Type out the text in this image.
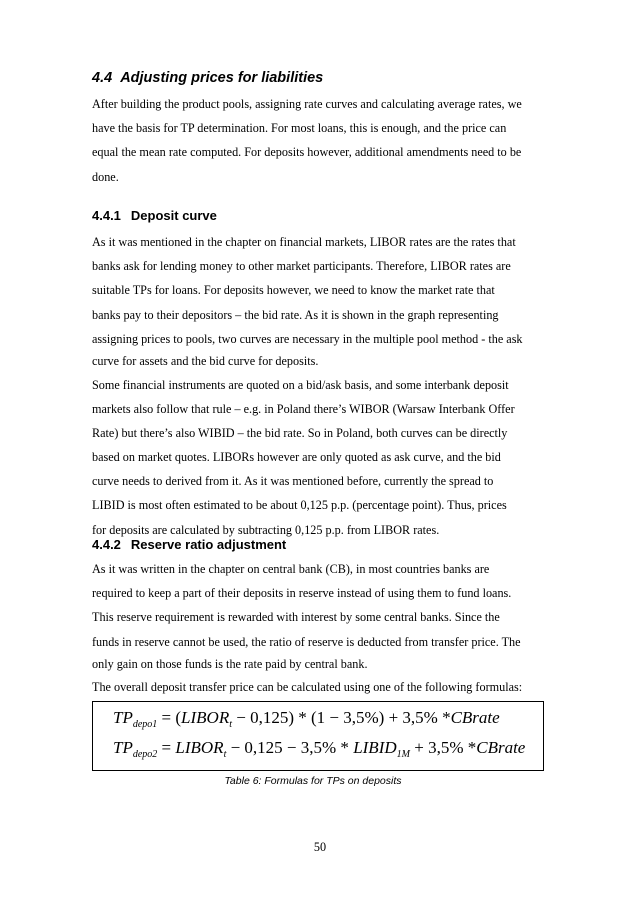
4.4 Adjusting prices for liabilities
After building the product pools, assigning rate curves and calculating average rates, we
have the basis for TP determination. For most loans, this is enough, and the price can
equal the mean rate computed. For deposits however, additional amendments need to be
done.
4.4.1 Deposit curve
As it was mentioned in the chapter on financial markets, LIBOR rates are the rates that
banks ask for lending money to other market participants. Therefore, LIBOR rates are
suitable TPs for loans. For deposits however, we need to know the market rate that
banks pay to their depositors – the bid rate. As it is shown in the graph representing
assigning prices to pools, two curves are necessary in the multiple pool method - the ask
curve for assets and the bid curve for deposits.
Some financial instruments are quoted on a bid/ask basis, and some interbank deposit
markets also follow that rule – e.g. in Poland there’s WIBOR (Warsaw Interbank Offer
Rate) but there’s also WIBID – the bid rate. So in Poland, both curves can be directly
based on market quotes. LIBORs however are only quoted as ask curve, and the bid
curve needs to derived from it. As it was mentioned before, currently the spread to
LIBID is most often estimated to be about 0,125 p.p. (percentage point). Thus, prices
for deposits are calculated by subtracting 0,125 p.p. from LIBOR rates.
4.4.2 Reserve ratio adjustment
As it was written in the chapter on central bank (CB), in most countries banks are
required to keep a part of their deposits in reserve instead of using them to fund loans.
This reserve requirement is rewarded with interest by some central banks. Since the
funds in reserve cannot be used, the ratio of reserve is deducted from transfer price. The
only gain on those funds is the rate paid by central bank.
The overall deposit transfer price can be calculated using one of the following formulas:
$TP_{depo1}$ = $(LIBOR_t - 0,125) * (1 - 3,5\%) + 3,5\%$ *CBrate
$TP_{depo2}$ = $LIBOR_t - 0,125 - 3,5\%$ * $LIBID_{1M} + 3,5\%$ *CBrate
Table 6: Formulas for TPs on deposits
50
